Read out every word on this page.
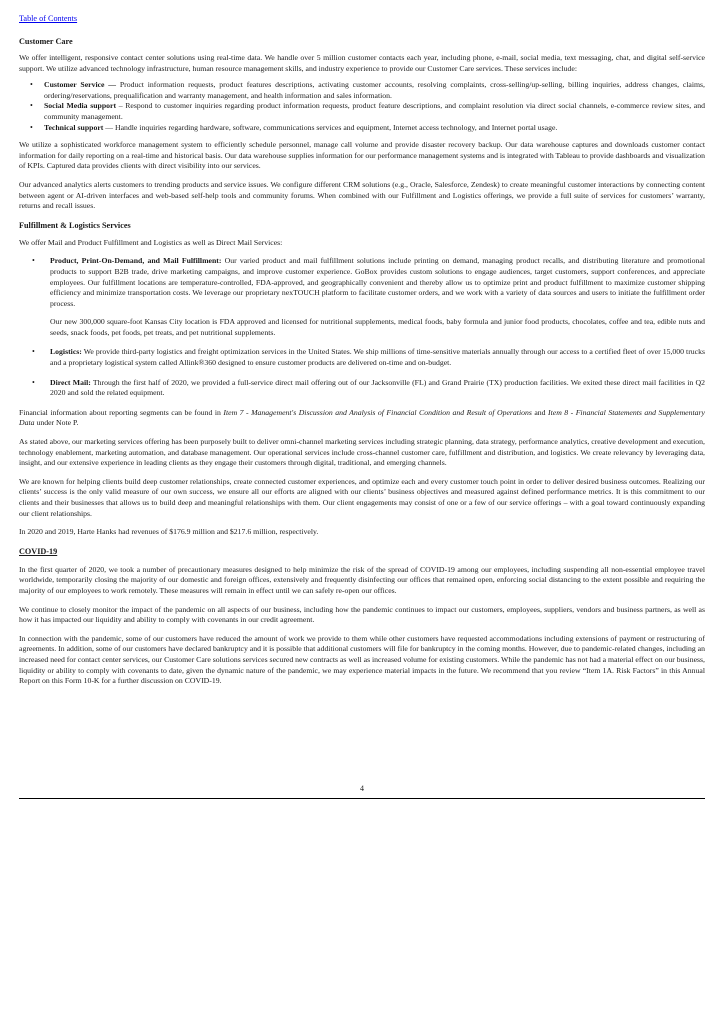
Table of Contents
Customer Care

We offer intelligent, responsive contact center solutions using real-time data. We handle over 5 million customer contacts each year, including phone, e-mail, social media, text messaging, chat, and digital self-service support. We utilize advanced technology infrastructure, human resource management skills, and industry experience to provide our Customer Care services. These services include:

• Customer Service — Product information requests, product features descriptions, activating customer accounts, resolving complaints, cross-selling/up-selling, billing inquiries, address changes, claims, ordering/reservations, prequalification and warranty management, and health information and sales information.
• Social Media support – Respond to customer inquiries regarding product information requests, product feature descriptions, and complaint resolution via direct social channels, e-commerce review sites, and community management.
• Technical support — Handle inquiries regarding hardware, software, communications services and equipment, Internet access technology, and Internet portal usage.

We utilize a sophisticated workforce management system to efficiently schedule personnel, manage call volume and provide disaster recovery backup. Our data warehouse captures and downloads customer contact information for daily reporting on a real-time and historical basis. Our data warehouse supplies information for our performance management systems and is integrated with Tableau to provide dashboards and visualization of KPIs. Captured data provides clients with direct visibility into our services.

Our advanced analytics alerts customers to trending products and service issues. We configure different CRM solutions (e.g., Oracle, Salesforce, Zendesk) to create meaningful customer interactions by connecting content between agent or AI-driven interfaces and web-based self-help tools and community forums. When combined with our Fulfillment and Logistics offerings, we provide a full suite of services for customers’ warranty, returns and recall issues.

Fulfillment & Logistics Services

We offer Mail and Product Fulfillment and Logistics as well as Direct Mail Services:

• Product, Print-On-Demand, and Mail Fulfillment: Our varied product and mail fulfillment solutions include printing on demand, managing product recalls, and distributing literature and promotional products to support B2B trade, drive marketing campaigns, and improve customer experience. GoBox provides custom solutions to engage audiences, target customers, support conferences, and appreciate employees. Our fulfillment locations are temperature-controlled, FDA-approved, and geographically convenient and thereby allow us to optimize print and product fulfillment to maximize customer shipping efficiency and minimize transportation costs. We leverage our proprietary nexTOUCH platform to facilitate customer orders, and we work with a variety of data sources and users to initiate the fulfillment order process.

Our new 300,000 square-foot Kansas City location is FDA approved and licensed for nutritional supplements, medical foods, baby formula and junior food products, chocolates, coffee and tea, edible nuts and seeds, snack foods, pet foods, pet treats, and pet nutritional supplements.

• Logistics: We provide third-party logistics and freight optimization services in the United States. We ship millions of time-sensitive materials annually through our access to a certified fleet of over 15,000 trucks and a proprietary logistical system called Allink®360 designed to ensure customer products are delivered on-time and on-budget.
• Direct Mail: Through the first half of 2020, we provided a full-service direct mail offering out of our Jacksonville (FL) and Grand Prairie (TX) production facilities. We exited these direct mail facilities in Q2 2020 and sold the related equipment.

Financial information about reporting segments can be found in Item 7 - Management's Discussion and Analysis of Financial Condition and Result of Operations and Item 8 - Financial Statements and Supplementary Data under Note P.

As stated above, our marketing services offering has been purposely built to deliver omni-channel marketing services including strategic planning, data strategy, performance analytics, creative development and execution, technology enablement, marketing automation, and database management. Our operational services include cross-channel customer care, fulfillment and distribution, and logistics. We create relevancy by leveraging data, insight, and our extensive experience in leading clients as they engage their customers through digital, traditional, and emerging channels.

We are known for helping clients build deep customer relationships, create connected customer experiences, and optimize each and every customer touch point in order to deliver desired business outcomes. Realizing our clients’ success is the only valid measure of our own success, we ensure all our efforts are aligned with our clients’ business objectives and measured against defined performance metrics. It is this commitment to our clients and their businesses that allows us to build deep and meaningful relationships with them. Our client engagements may consist of one or a few of our service offerings – with a goal toward continuously expanding our client relationships.

In 2020 and 2019, Harte Hanks had revenues of $176.9 million and $217.6 million, respectively.

COVID-19

In the first quarter of 2020, we took a number of precautionary measures designed to help minimize the risk of the spread of COVID-19 among our employees, including suspending all non-essential employee travel worldwide, temporarily closing the majority of our domestic and foreign offices, extensively and frequently disinfecting our offices that remained open, enforcing social distancing to the extent possible and requiring the majority of our employees to work remotely. These measures will remain in effect until we can safely re-open our offices.

We continue to closely monitor the impact of the pandemic on all aspects of our business, including how the pandemic continues to impact our customers, employees, suppliers, vendors and business partners, as well as how it has impacted our liquidity and ability to comply with covenants in our credit agreement.

In connection with the pandemic, some of our customers have reduced the amount of work we provide to them while other customers have requested accommodations including extensions of payment or restructuring of agreements. In addition, some of our customers have declared bankruptcy and it is possible that additional customers will file for bankruptcy in the coming months. However, due to pandemic-related changes, including an increased need for contact center services, our Customer Care solutions services secured new contracts as well as increased volume for existing customers. While the pandemic has not had a material effect on our business, liquidity or ability to comply with covenants to date, given the dynamic nature of the pandemic, we may experience material impacts in the future. We recommend that you review “Item 1A. Risk Factors” in this Annual Report on this Form 10-K for a further discussion on COVID-19.

4
